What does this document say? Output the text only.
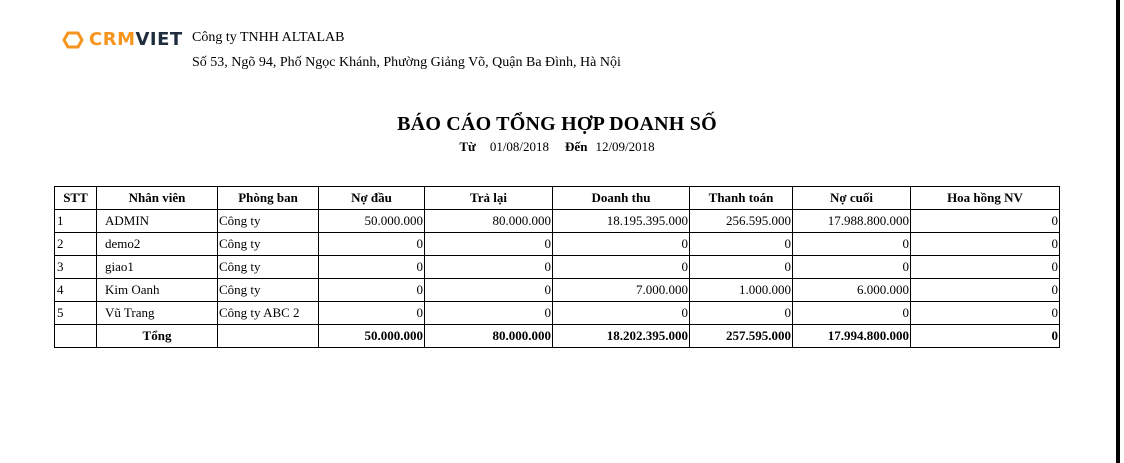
CRMVIET Công ty TNHH ALTALAB
Số 53, Ngõ 94, Phố Ngọc Khánh, Phường Giảng Võ, Quận Ba Đình, Hà Nội
BÁO CÁO TỔNG HỢP DOANH SỐ
Từ 01/08/2018 Đến 12/09/2018
STT	Nhân viên	Phòng ban	Nợ đầu	Trả lại	Doanh thu	Thanh toán	Nợ cuối	Hoa hồng NV
1	ADMIN	Công ty	50.000.000	80.000.000	18.195.395.000	256.595.000	17.988.800.000	0
2	demo2	Công ty	0	0	0	0	0	0
3	giao1	Công ty	0	0	0	0	0	0
4	Kim Oanh	Công ty	0	0	7.000.000	1.000.000	6.000.000	0
5	Vũ Trang	Công ty ABC 2	0	0	0	0	0	0
	Tổng		50.000.000	80.000.000	18.202.395.000	257.595.000	17.994.800.000	0
